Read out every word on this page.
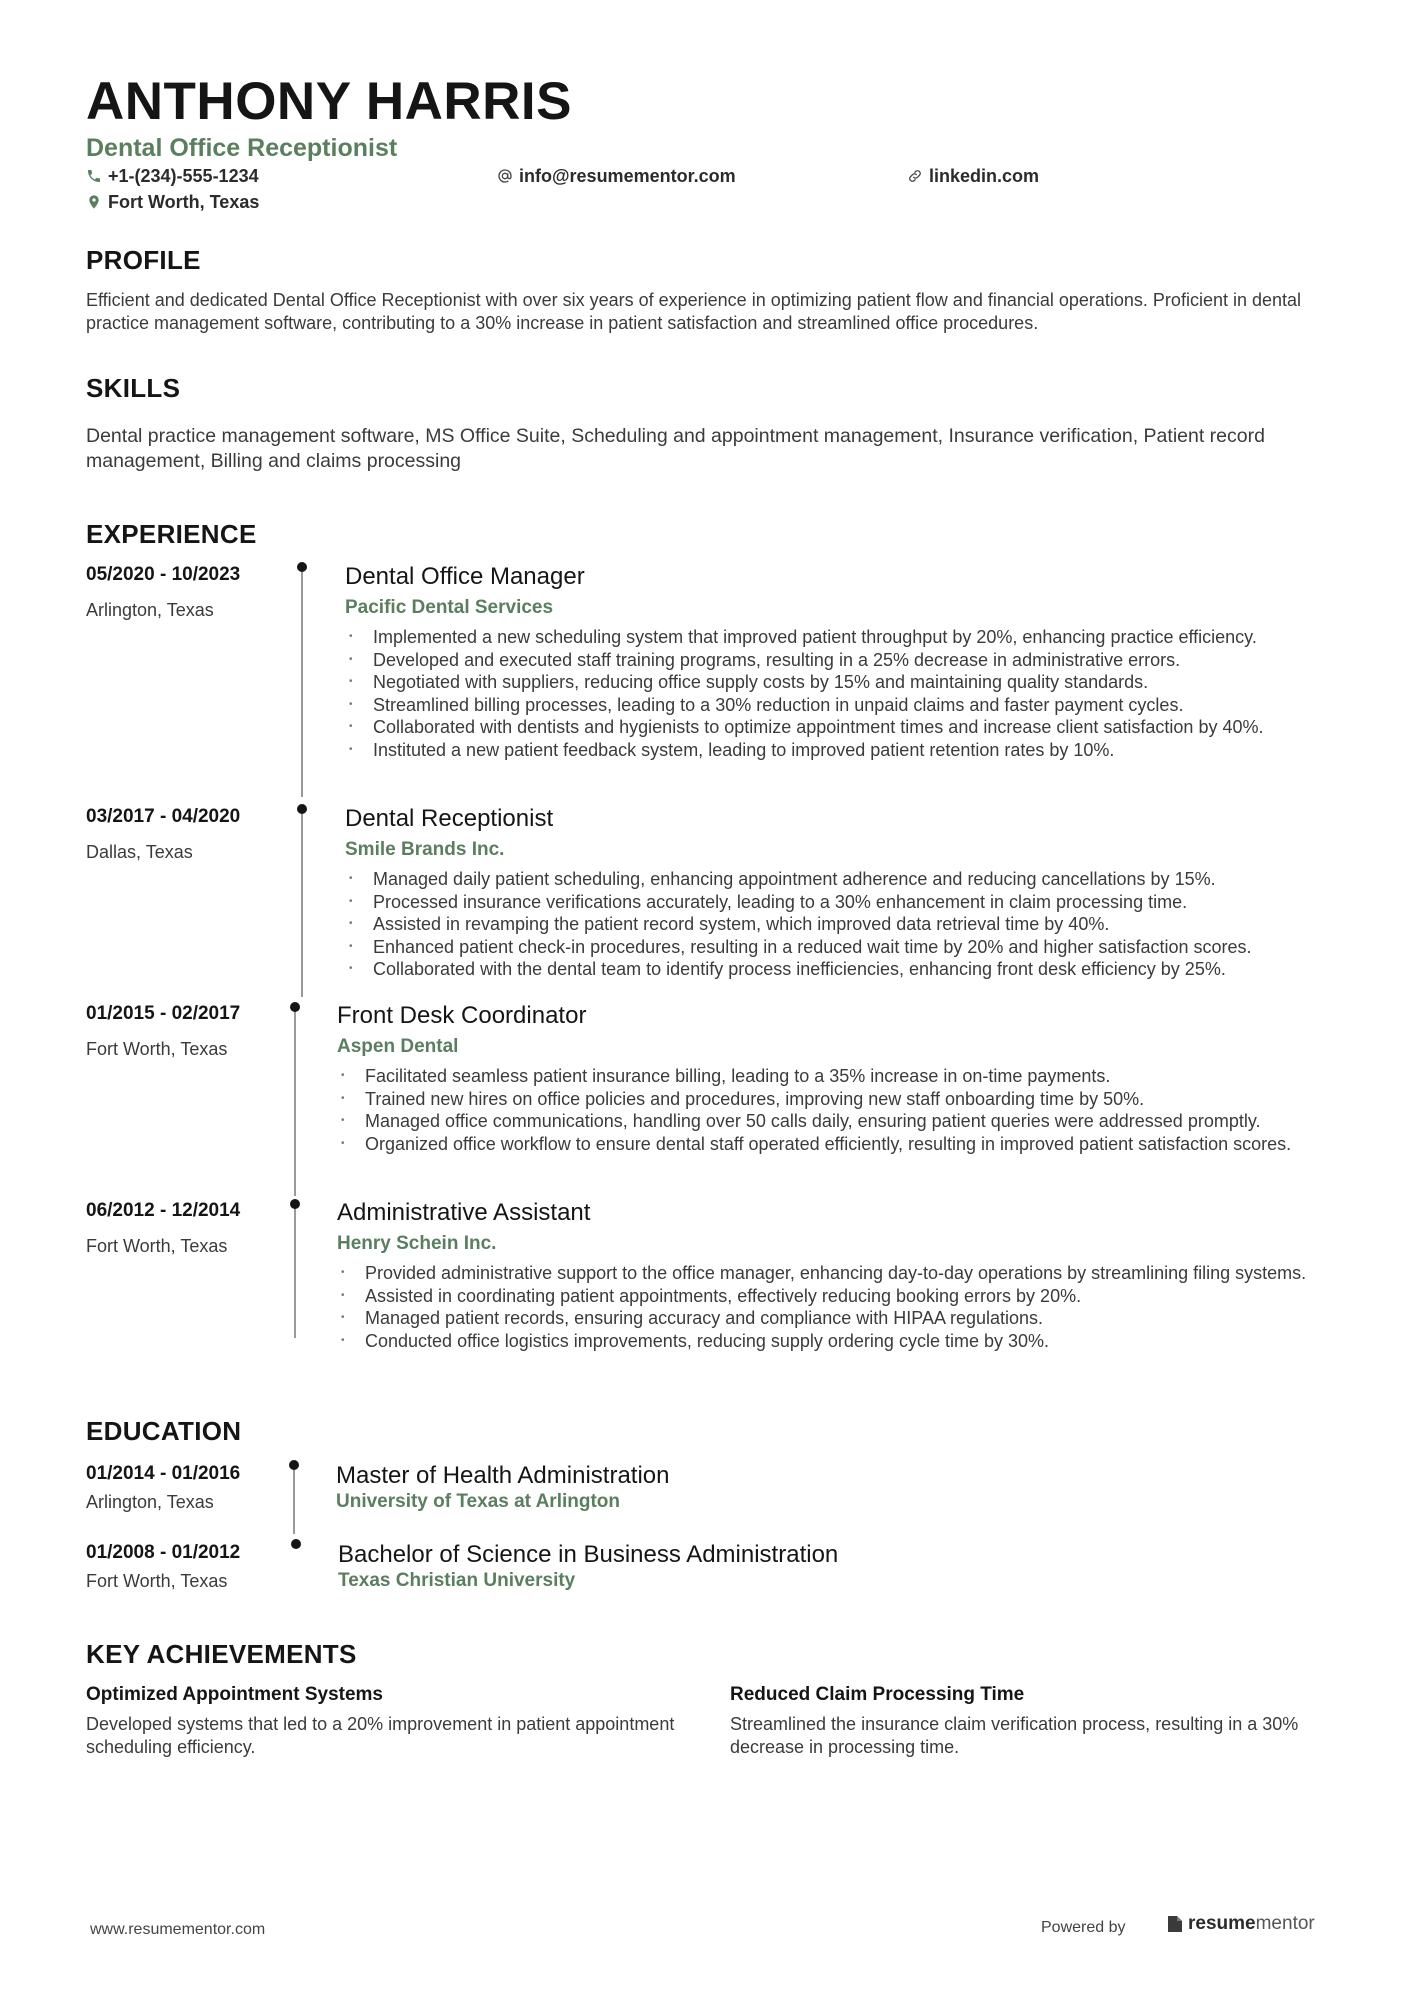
ANTHONY HARRIS
Dental Office Receptionist
+1-(234)-555-1234	info@resumementor.com	linkedin.com
Fort Worth, Texas
PROFILE
Efficient and dedicated Dental Office Receptionist with over six years of experience in optimizing patient flow and financial operations. Proficient in dental practice management software, contributing to a 30% increase in patient satisfaction and streamlined office procedures.
SKILLS
Dental practice management software, MS Office Suite, Scheduling and appointment management, Insurance verification, Patient record management, Billing and claims processing
EXPERIENCE
05/2020 - 10/2023
Arlington, Texas
Dental Office Manager
Pacific Dental Services
• Implemented a new scheduling system that improved patient throughput by 20%, enhancing practice efficiency.
• Developed and executed staff training programs, resulting in a 25% decrease in administrative errors.
• Negotiated with suppliers, reducing office supply costs by 15% and maintaining quality standards.
• Streamlined billing processes, leading to a 30% reduction in unpaid claims and faster payment cycles.
• Collaborated with dentists and hygienists to optimize appointment times and increase client satisfaction by 40%.
• Instituted a new patient feedback system, leading to improved patient retention rates by 10%.
03/2017 - 04/2020
Dallas, Texas
Dental Receptionist
Smile Brands Inc.
• Managed daily patient scheduling, enhancing appointment adherence and reducing cancellations by 15%.
• Processed insurance verifications accurately, leading to a 30% enhancement in claim processing time.
• Assisted in revamping the patient record system, which improved data retrieval time by 40%.
• Enhanced patient check-in procedures, resulting in a reduced wait time by 20% and higher satisfaction scores.
• Collaborated with the dental team to identify process inefficiencies, enhancing front desk efficiency by 25%.
01/2015 - 02/2017
Fort Worth, Texas
Front Desk Coordinator
Aspen Dental
• Facilitated seamless patient insurance billing, leading to a 35% increase in on-time payments.
• Trained new hires on office policies and procedures, improving new staff onboarding time by 50%.
• Managed office communications, handling over 50 calls daily, ensuring patient queries were addressed promptly.
• Organized office workflow to ensure dental staff operated efficiently, resulting in improved patient satisfaction scores.
06/2012 - 12/2014
Fort Worth, Texas
Administrative Assistant
Henry Schein Inc.
• Provided administrative support to the office manager, enhancing day-to-day operations by streamlining filing systems.
• Assisted in coordinating patient appointments, effectively reducing booking errors by 20%.
• Managed patient records, ensuring accuracy and compliance with HIPAA regulations.
• Conducted office logistics improvements, reducing supply ordering cycle time by 30%.
EDUCATION
01/2014 - 01/2016
Arlington, Texas
Master of Health Administration
University of Texas at Arlington
01/2008 - 01/2012
Fort Worth, Texas
Bachelor of Science in Business Administration
Texas Christian University
KEY ACHIEVEMENTS
Optimized Appointment Systems
Developed systems that led to a 20% improvement in patient appointment scheduling efficiency.
Reduced Claim Processing Time
Streamlined the insurance claim verification process, resulting in a 30% decrease in processing time.
www.resumementor.com	Powered by	resumementor
